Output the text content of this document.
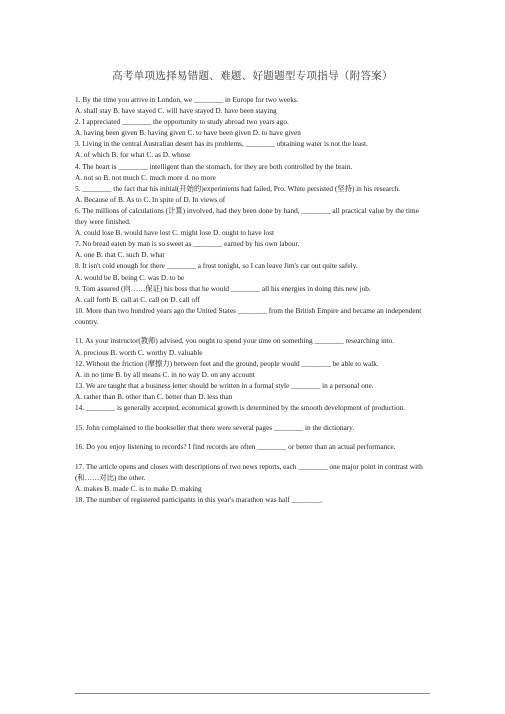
高考单项选择易错题、难题、好题题型专项指导（附答案）
1. By the time you arrive in London, we ________ in Europe for two weeks.
A. shall stay B. have stayed C. will have stayed D. have been staying
2. I appreciated ________ the opportunity to study abroad two years ago.
A. having been given B. having given C. to have been given D. to have given
3. Living in the central Australian desert has its problems, ________ obtaining water is not the least.
A. of which B. for what C. as D. whose
4. The heart is ________ intelligent than the stomach, for they are both controlled by the brain.
A. not so B. not much C. much more d. no more
5. ________ the fact that his initial(开始的)experiments had failed, Pro. White persisted (坚持) in his research.
A. Because of B. As to C. In spite of D. In views of
6. The millions of calculations (计算) involved, had they been done by hand, ________ all practical value by the time they were finished.
A. could lose B. would have lost C. might lose D. ought to have lost
7. No bread eaten by man is so sweet as ________ earned by his own labour.
A. one B. that C. such D. what
8. It isn't cold enough for there ________ a frost tonight, so I can leave Jim's car out quite safely.
A. would be B. being C. was D. to be
9. Tom assured (向……保证) his boss that he would ________ all his energies in doing this new job.
A. call forth B. call at C. call on D. call off
10. More than two hundred years ago the United States ________ from the British Empire and became an independent country.
11. As your instructor(教师) advised, you ought to spend your time on something ________ researching into.
A. precious B. worth C. worthy D. valuable
12. Without the friction (摩擦力) between feet and the ground, people would ________ be able to walk.
A. in no time B. by all means C. in no way D. on any account
13. We are taught that a business letter should be written in a formal style ________ in a personal one.
A. rather than B. other than C. better than D. less than
14. ________ is generally accepted, economical growth is determined by the smooth development of production.
15. John complained to the bookseller that there were several pages ________ in the dictionary.
16. Do you enjoy listening to records? I find records are often ________ or better than an actual performance.
17. The article opens and closes with descriptions of two news reports, each ________ one major point in contrast with (和……对比) the other.
A. makes B. made C. is to make D. making
18. The number of registered participants in this year's marathon was half ________.
